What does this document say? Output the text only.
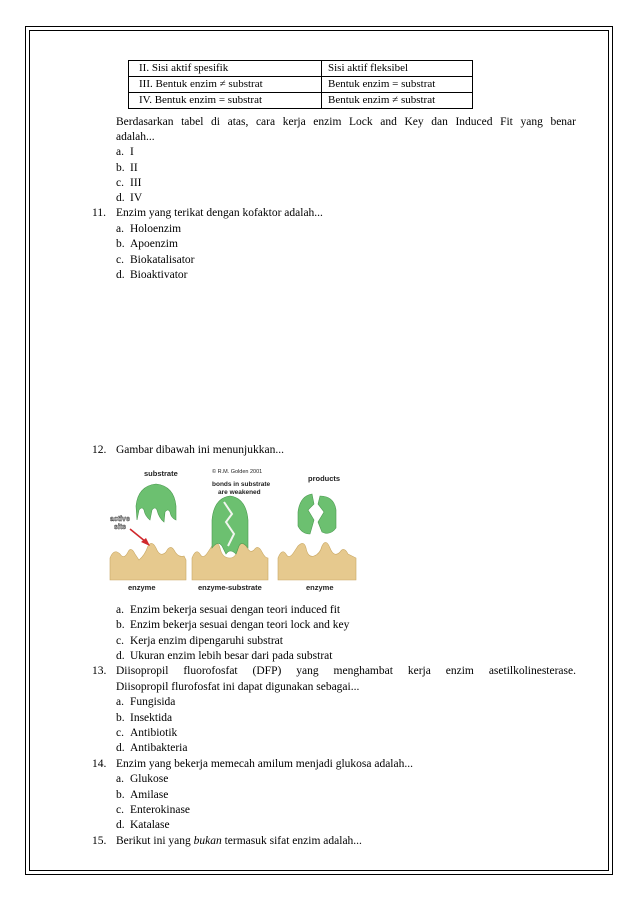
II. Sisi aktif spesifik	Sisi aktif fleksibel
III. Bentuk enzim ≠ substrat	Bentuk enzim = substrat
IV. Bentuk enzim = substrat	Bentuk enzim ≠ substrat
Berdasarkan tabel di atas, cara kerja enzim Lock and Key dan Induced Fit yang benar
adalah...
a. I
b. II
c. III
d. IV
11. Enzim yang terikat dengan kofaktor adalah...
a. Holoenzim
b. Apoenzim
c. Biokatalisator
d. Bioaktivator
12. Gambar dibawah ini menunjukkan...
substrate	© R.M. Golden 2001
bonds in substrate
are weakened
products
active
site
enzyme	enzyme-substrate	enzyme
a. Enzim bekerja sesuai dengan teori induced fit
b. Enzim bekerja sesuai dengan teori lock and key
c. Kerja enzim dipengaruhi substrat
d. Ukuran enzim lebih besar dari pada substrat
13. Diisopropil fluorofosfat (DFP) yang menghambat kerja enzim asetilkolinesterase.
Diisopropil flurofosfat ini dapat digunakan sebagai...
a. Fungisida
b. Insektida
c. Antibiotik
d. Antibakteria
14. Enzim yang bekerja memecah amilum menjadi glukosa adalah...
a. Glukose
b. Amilase
c. Enterokinase
d. Katalase
15. Berikut ini yang bukan termasuk sifat enzim adalah...
